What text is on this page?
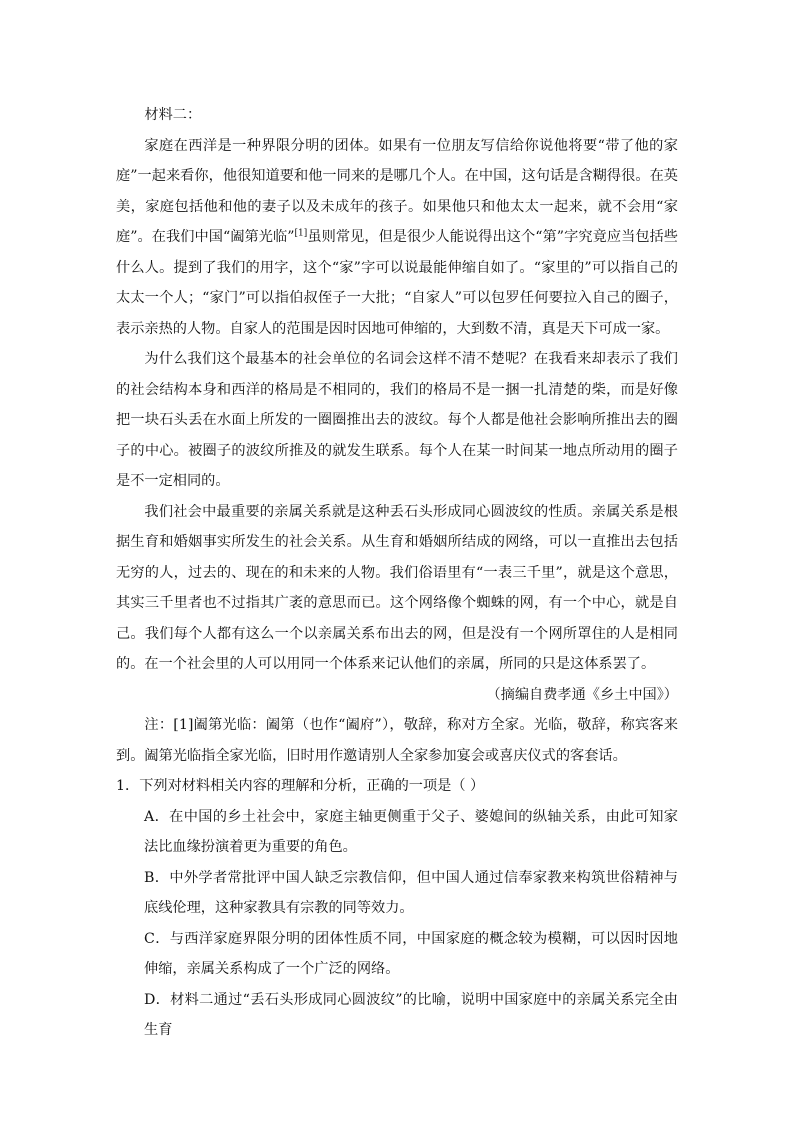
材料二：

家庭在西洋是一种界限分明的团体。如果有一位朋友写信给你说他将要“带了他的家庭”一起来看你，他很知道要和他一同来的是哪几个人。在中国，这句话是含糊得很。在英美，家庭包括他和他的妻子以及未成年的孩子。如果他只和他太太一起来，就不会用“家庭”。在我们中国“阖第光临”[1]虽则常见，但是很少人能说得出这个“第”字究竟应当包括些什么人。提到了我们的用字，这个“家”字可以说最能伸缩自如了。“家里的”可以指自己的太太一个人；“家门”可以指伯叔侄子一大批；“自家人”可以包罗任何要拉入自己的圈子，表示亲热的人物。自家人的范围是因时因地可伸缩的，大到数不清，真是天下可成一家。

为什么我们这个最基本的社会单位的名词会这样不清不楚呢？在我看来却表示了我们的社会结构本身和西洋的格局是不相同的，我们的格局不是一捆一扎清楚的柴，而是好像把一块石头丢在水面上所发的一圈圈推出去的波纹。每个人都是他社会影响所推出去的圈子的中心。被圈子的波纹所推及的就发生联系。每个人在某一时间某一地点所动用的圈子是不一定相同的。

我们社会中最重要的亲属关系就是这种丢石头形成同心圆波纹的性质。亲属关系是根据生育和婚姻事实所发生的社会关系。从生育和婚姻所结成的网络，可以一直推出去包括无穷的人，过去的、现在的和未来的人物。我们俗语里有“一表三千里”，就是这个意思，其实三千里者也不过指其广袤的意思而已。这个网络像个蜘蛛的网，有一个中心，就是自己。我们每个人都有这么一个以亲属关系布出去的网，但是没有一个网所罩住的人是相同的。在一个社会里的人可以用同一个体系来记认他们的亲属，所同的只是这体系罢了。

（摘编自费孝通《乡土中国》）

注：[1]阖第光临：阖第（也作“阖府”），敬辞，称对方全家。光临，敬辞，称宾客来到。阖第光临指全家光临，旧时用作邀请别人全家参加宴会或喜庆仪式的客套话。

1．下列对材料相关内容的理解和分析，正确的一项是（ ）

A．在中国的乡土社会中，家庭主轴更侧重于父子、婆媳间的纵轴关系，由此可知家法比血缘扮演着更为重要的角色。

B．中外学者常批评中国人缺乏宗教信仰，但中国人通过信奉家教来构筑世俗精神与底线伦理，这种家教具有宗教的同等效力。

C．与西洋家庭界限分明的团体性质不同，中国家庭的概念较为模糊，可以因时因地伸缩，亲属关系构成了一个广泛的网络。

D．材料二通过“丢石头形成同心圆波纹”的比喻，说明中国家庭中的亲属关系完全由生育
